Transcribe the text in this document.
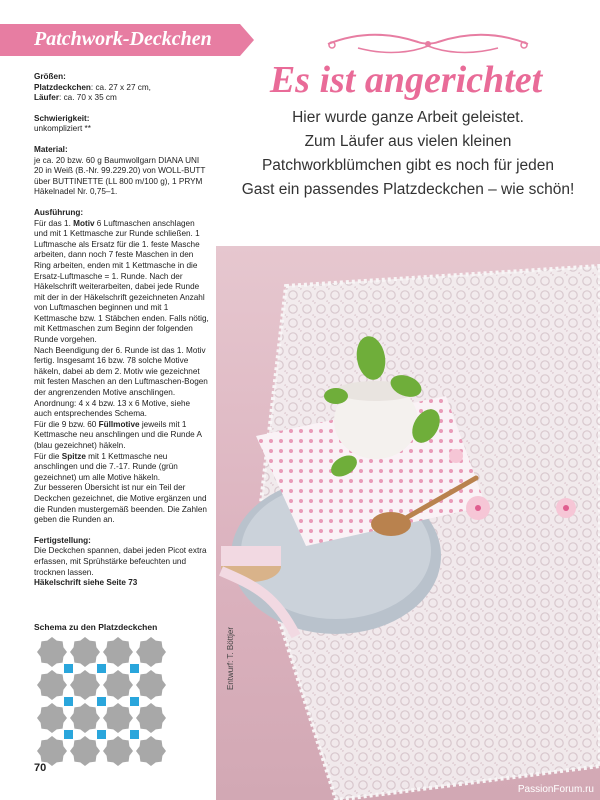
Patchwork-Deckchen
Es ist angerichtet
Hier wurde ganze Arbeit geleistet.
Zum Läufer aus vielen kleinen
Patchworkblümchen gibt es noch für jeden
Gast ein passendes Platzdeckchen – wie schön!

Größen:

Platzdeckchen: ca. 27 x 27 cm,

Läufer: ca. 70 x 35 cm

Schwierigkeit:

unkompliziert **

Material:

je ca. 20 bzw. 60 g Baumwollgarn DIANA UNI 20 in Weiß (B.-Nr. 99.229.20) von WOLL-BUTT über BUTTINETTE (LL 800 m/100 g), 1 PRYM Häkelnadel Nr. 0,75–1.

Ausführung:

Für das 1. Motiv 6 Luftmaschen anschlagen und mit 1 Kettmasche zur Runde schließen. 1 Luftmasche als Ersatz für die 1. feste Masche arbeiten, dann noch 7 feste Maschen in den Ring arbeiten, enden mit 1 Kettmasche in die Ersatz-Luftmasche = 1. Runde. Nach der Häkelschrift weiterarbeiten, dabei jede Runde mit der in der Häkelschrift gezeichneten Anzahl von Luftmaschen beginnen und mit 1 Kettmasche bzw. 1 Stäbchen enden. Falls nötig, mit Kettmaschen zum Beginn der folgenden Runde vorgehen.

Nach Beendigung der 6. Runde ist das 1. Motiv fertig. Insgesamt 16 bzw. 78 solche Motive häkeln, dabei ab dem 2. Motiv wie gezeichnet mit festen Maschen an den Luftmaschen-Bogen der angrenzenden Motive anschlingen. Anordnung: 4 x 4 bzw. 13 x 6 Motive, siehe auch entsprechendes Schema.

Für die 9 bzw. 60 Füllmotive jeweils mit 1 Kettmasche neu anschlingen und die Runde A (blau gezeichnet) häkeln.

Für die Spitze mit 1 Kettmasche neu anschlingen und die 7.-17. Runde (grün gezeichnet) um alle Motive häkeln.

Zur besseren Übersicht ist nur ein Teil der Deckchen gezeichnet, die Motive ergänzen und die Runden mustergemäß beenden. Die Zahlen geben die Runden an.

Fertigstellung:

Die Deckchen spannen, dabei jeden Picot extra erfassen, mit Sprühstärke befeuchten und trocknen lassen.

Häkelschrift siehe Seite 73

Schema zu den Platzdeckchen
70
Entwurf: T. Böttjer
PassionForum.ru
